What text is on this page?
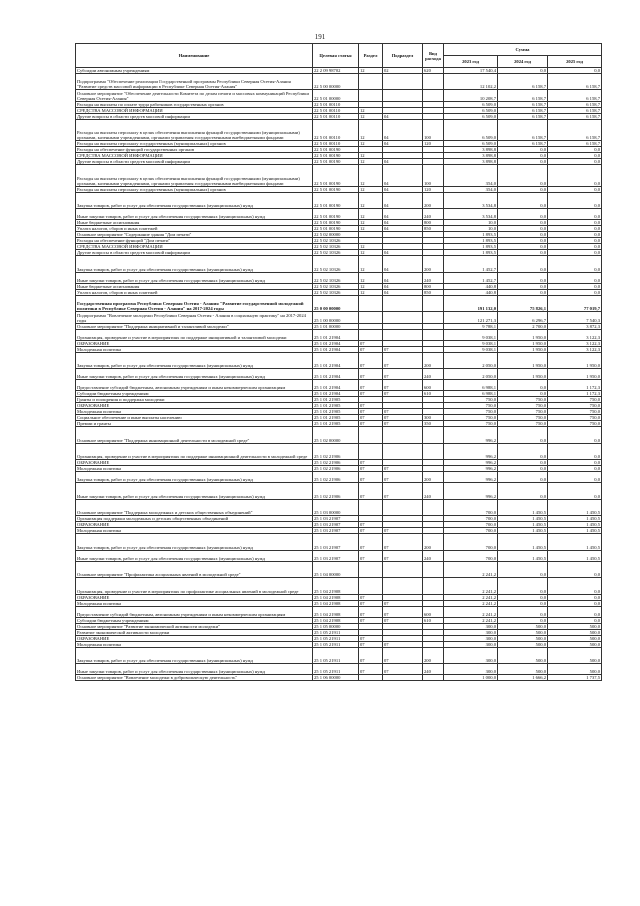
191
Наименование	Целевая статья	Раздел	Подраздел	Вид расхода	Сумма		
					2023 год	2024 год	2025 год
Субсидии автономным учреждениям	22 2 09 98702	12	02	620	17 540,4	0,0	0,0
Подпрограмма "Обеспечение реализации Государственной программы Республики Северная Осетия-Алания "Развитие средств массовой информации в Республике Северная Осетия-Алания"	22 5 00 00000				12 102,2	6 158,7	6 158,7
Основное мероприятие "Обеспечение деятельности Комитета по делам печати и массовых коммуникаций Республики Северная Осетия-Алания"	22 5 01 00000				10 208,7	6 158,7	6 158,7
Расходы на выплаты по оплате труда работников государственных органов	22 5 01 00110				6 509,0	6 158,7	6 158,7
СРЕДСТВА МАССОВОЙ ИНФОРМАЦИИ	22 5 01 00110	12			6 509,0	6 158,7	6 158,7
Другие вопросы в области средств массовой информации	22 5 01 00110	12	04		6 509,0	6 158,7	6 158,7
Расходы на выплаты персоналу в целях обеспечения выполнения функций государственными (муниципальными) органами, казенными учреждениями, органами управления государственными внебюджетными фондами	22 5 01 00110	12	04	100	6 509,0	6 158,7	6 158,7
Расходы на выплаты персоналу государственных (муниципальных) органов	22 5 01 00110	12	04	120	6 509,0	6 158,7	6 158,7
Расходы на обеспечение функций государственных органов	22 5 01 00190				3 898,8	0,0	0,0
СРЕДСТВА МАССОВОЙ ИНФОРМАЦИИ	22 5 01 00190	12			3 898,8	0,0	0,0
Другие вопросы в области средств массовой информации	22 5 01 00190	12	04		3 898,8	0,0	0,0
Расходы на выплаты персоналу в целях обеспечения выполнения функций государственными (муниципальными) органами, казенными учреждениями, органами управления государственными внебюджетными фондами	22 5 01 00190	12	04	100	354,0	0,0	0,0
Расходы на выплаты персоналу государственных (муниципальных) органов	22 5 01 00190	12	04	120	354,0	0,0	0,0
Закупка товаров, работ и услуг для обеспечения государственных (муниципальных) нужд	22 5 01 00190	12	04	200	3 534,8	0,0	0,0
Иные закупки товаров, работ и услуг для обеспечения государственных (муниципальных) нужд	22 5 01 00190	12	04	240	3 534,8	0,0	0,0
Иные бюджетные ассигнования	22 5 01 00190	12	04	800	10,0	0,0	0,0
Уплата налогов, сборов и иных платежей	22 5 01 00190	12	04	850	10,0	0,0	0,0
Основное мероприятие "Содержание здания "Дом печати"	22 5 02 00000				1 893,5	0,0	0,0
Расходы на обеспечение функций "Дом печати"	22 5 02 10326				1 893,5	0,0	0,0
СРЕДСТВА МАССОВОЙ ИНФОРМАЦИИ	22 5 02 10326	12			1 893,5	0,0	0,0
Другие вопросы в области средств массовой информации	22 5 02 10326	12	04		1 893,5	0,0	0,0
Закупка товаров, работ и услуг для обеспечения государственных (муниципальных) нужд	22 5 02 10326	12	04	200	1 452,7	0,0	0,0
Иные закупки товаров, работ и услуг для обеспечения государственных (муниципальных) нужд	22 5 02 10326	12	04	240	1 452,7	0,0	0,0
Иные бюджетные ассигнования	22 5 02 10326	12	04	800	440,8	0,0	0,0
Уплата налогов, сборов и иных платежей	22 5 02 10326	12	04	850	440,8	0,0	0,0
Государственная программа Республики Северная Осетия - Алания "Развитие государственной молодежной политики в Республике Северная Осетия - Алания" на 2017-2024 годы	25 0 00 00000				191 132,0	75 826,1	77 019,7
Подпрограмма "Вовлечение молодежи Республики Северная Осетия - Алания в социальную практику" на 2017-2024 годы	25 1 00 00000				121 271,3	6 296,7	7 540,3
Основное мероприятие "Поддержка инициативной и талантливой молодежи"	25 1 01 00000				9 788,1	2 700,0	3 872,3
Организация, проведение и участие в мероприятиях по поддержке инициативной и талантливой молодежи	25 1 01 21904				9 038,1	1 950,0	3 122,3
ОБРАЗОВАНИЕ	25 1 01 21904	07			9 038,1	1 950,0	3 122,3
Молодежная политика	25 1 01 21904	07	07		9 038,1	1 950,0	3 122,3
Закупка товаров, работ и услуг для обеспечения государственных (муниципальных) нужд	25 1 01 21904	07	07	200	2 050,0	1 950,0	1 950,0
Иные закупки товаров, работ и услуг для обеспечения государственных (муниципальных) нужд	25 1 01 21904	07	07	240	2 050,0	1 950,0	1 950,0
Предоставление субсидий бюджетным, автономным учреждениям и иным некоммерческим организациям	25 1 01 21904	07	07	600	6 988,1	0,0	1 172,3
Субсидии бюджетным учреждениям	25 1 01 21904	07	07	610	6 988,1	0,0	1 172,3
Гранты и поощрения и поддержка молодежи	25 1 01 21905				750,0	750,0	750,0
ОБРАЗОВАНИЕ	25 1 01 21905	07			750,0	750,0	750,0
Молодежная политика	25 1 01 21905	07	07		750,0	750,0	750,0
Социальное обеспечение и иные выплаты населению	25 1 01 21905	07	07	300	750,0	750,0	750,0
Премии и гранты	25 1 01 21905	07	07	350	750,0	750,0	750,0
Основное мероприятие "Поддержка инновационной деятельности в молодежной среде"	25 1 02 00000				996,2	0,0	0,0
Организация, проведение и участие в мероприятиях по поддержке инновационной деятельности в молодежной среде	25 1 02 21906				996,2	0,0	0,0
ОБРАЗОВАНИЕ	25 1 02 21906	07			996,2	0,0	0,0
Молодежная политика	25 1 02 21906	07	07		996,2	0,0	0,0
Закупка товаров, работ и услуг для обеспечения государственных (муниципальных) нужд	25 1 02 21906	07	07	200	996,2	0,0	0,0
Иные закупки товаров, работ и услуг для обеспечения государственных (муниципальных) нужд	25 1 02 21906	07	07	240	996,2	0,0	0,0
Основное мероприятие "Поддержка молодежных и детских общественных объединений"	25 1 03 00000				700,0	1 450,5	1 450,5
Организация поддержки молодежных и детских общественных объединений	25 1 03 21907				700,0	1 450,5	1 450,5
ОБРАЗОВАНИЕ	25 1 03 21907	07			700,0	1 450,5	1 450,5
Молодежная политика	25 1 03 21907	07	07		700,0	1 450,5	1 450,5
Закупка товаров, работ и услуг для обеспечения государственных (муниципальных) нужд	25 1 03 21907	07	07	200	700,0	1 450,5	1 450,5
Иные закупки товаров, работ и услуг для обеспечения государственных (муниципальных) нужд	25 1 03 21907	07	07	240	700,0	1 450,5	1 450,5
Основное мероприятие "Профилактика асоциальных явлений в молодежной среде"	25 1 04 00000				2 241,2	0,0	0,0
Организация, проведение и участие в мероприятиях по профилактике асоциальных явлений в молодежной среде	25 1 04 21908				2 241,2	0,0	0,0
ОБРАЗОВАНИЕ	25 1 04 21908	07			2 241,2	0,0	0,0
Молодежная политика	25 1 04 21908	07	07		2 241,2	0,0	0,0
Предоставление субсидий бюджетным, автономным учреждениям и иным некоммерческим организациям	25 1 04 21908	07	07	600	2 241,2	0,0	0,0
Субсидии бюджетным учреждениям	25 1 04 21908	07	07	610	2 241,2	0,0	0,0
Основное мероприятие "Развитие экономической активности молодежи"	25 1 05 00000				300,0	500,0	500,0
Развитие экономической активности молодежи	25 1 05 21911				300,0	500,0	500,0
ОБРАЗОВАНИЕ	25 1 05 21911	07			300,0	500,0	500,0
Молодежная политика	25 1 05 21911	07	07		300,0	500,0	500,0
Закупка товаров, работ и услуг для обеспечения государственных (муниципальных) нужд	25 1 05 21911	07	07	200	300,0	500,0	500,0
Иные закупки товаров, работ и услуг для обеспечения государственных (муниципальных) нужд	25 1 05 21911	07	07	240	300,0	500,0	500,0
Основное мероприятие "Вовлечение молодежи в добровольческую деятельность"	25 1 06 00000				1 000,0	1 666,2	1 737,5
